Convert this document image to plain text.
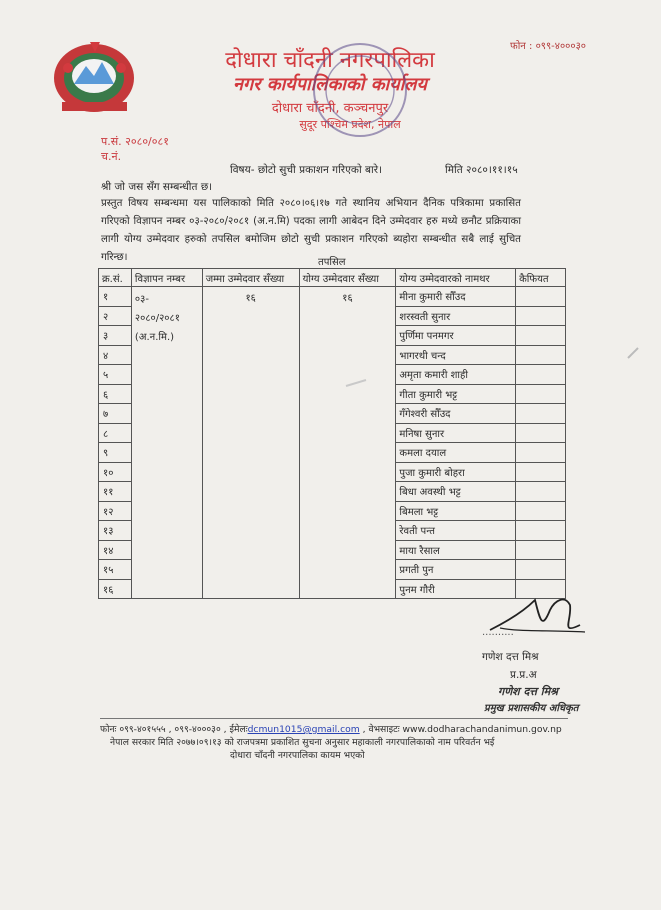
फोन : ०९९-४०००३०
दोधारा चाँदनी नगरपालिका
नगर कार्यपालिकाको कार्यालय
दोधारा चाँदनी, कञ्चनपुर
सुदूर पश्चिम प्रदेश, नेपाल
प.सं. २०८०/०८१
च.नं.
विषय- छोटो सुची प्रकाशन गरिएको बारे।	मिति २०८०।११।१५
श्री जो जस सँग सम्बन्धीत छ।
प्रस्तुत विषय सम्बन्धमा यस पालिकाको मिति २०८०।०६।१७ गते स्थानिय अभियान दैनिक पत्रिकामा प्रकासित गरिएको विज्ञापन नम्बर ०३-२०८०/२०८१ (अ.न.मि) पदका लागी आबेदन दिने उम्मेदवार हरु मध्ये छनौट प्रक्रियाका लागी योग्य उम्मेदवार हरुको तपसिल बमोजिम छोटो सुची प्रकाशन गरिएको ब्यहोरा सम्बन्धीत सबै लाई सुचित गरिन्छ।	तपसिल
क्र.सं.	विज्ञापन नम्बर	जम्मा उम्मेदवार सँख्या	योग्य उम्मेदवार सँख्या	योग्य उम्मेदवारको नामथर	कैफियत
१	०३-
२०८०/२०८१
(अ.न.मि.)	१६	१६	मीना कुमारी सौँउद	
२				शरस्वती सुनार	
३				पुर्णिमा पनमगर	
४				भागरथी चन्द	
५				अमृता कमारी शाही	
६				गीता कुमारी भट्ट	
७				गँगेश्वरी सौँउद	
८				मनिषा सुनार	
९				कमला दयाल	
१०				पुजा कुमारी बोहरा	
११				बिधा अवस्थी भट्ट	
१२				बिमला भट्ट	
१३				रेवती पन्त	
१४				माया रैसाल	
१५				प्रगती पुन	
१६				पुनम गौरी	
..........
गणेश दत्त मिश्र
प्र.प्र.अ
गणेश दत्त मिश्र
प्रमुख प्रशासकीय अधिकृत
फोनः ०९९-४०१५५५ , ०९९-४०००३० , ईमेलःdcmun1015@gmail.com , वेभसाइटः www.dodharachandanimun.gov.np
नेपाल सरकार मिति २०७७।०९।१३ को राजपत्रमा प्रकाशित सुचना अनुसार महाकाली नगरपालिकाको नाम परिवर्तन भई
दोधारा चाँदनी नगरपालिका कायम भएको
